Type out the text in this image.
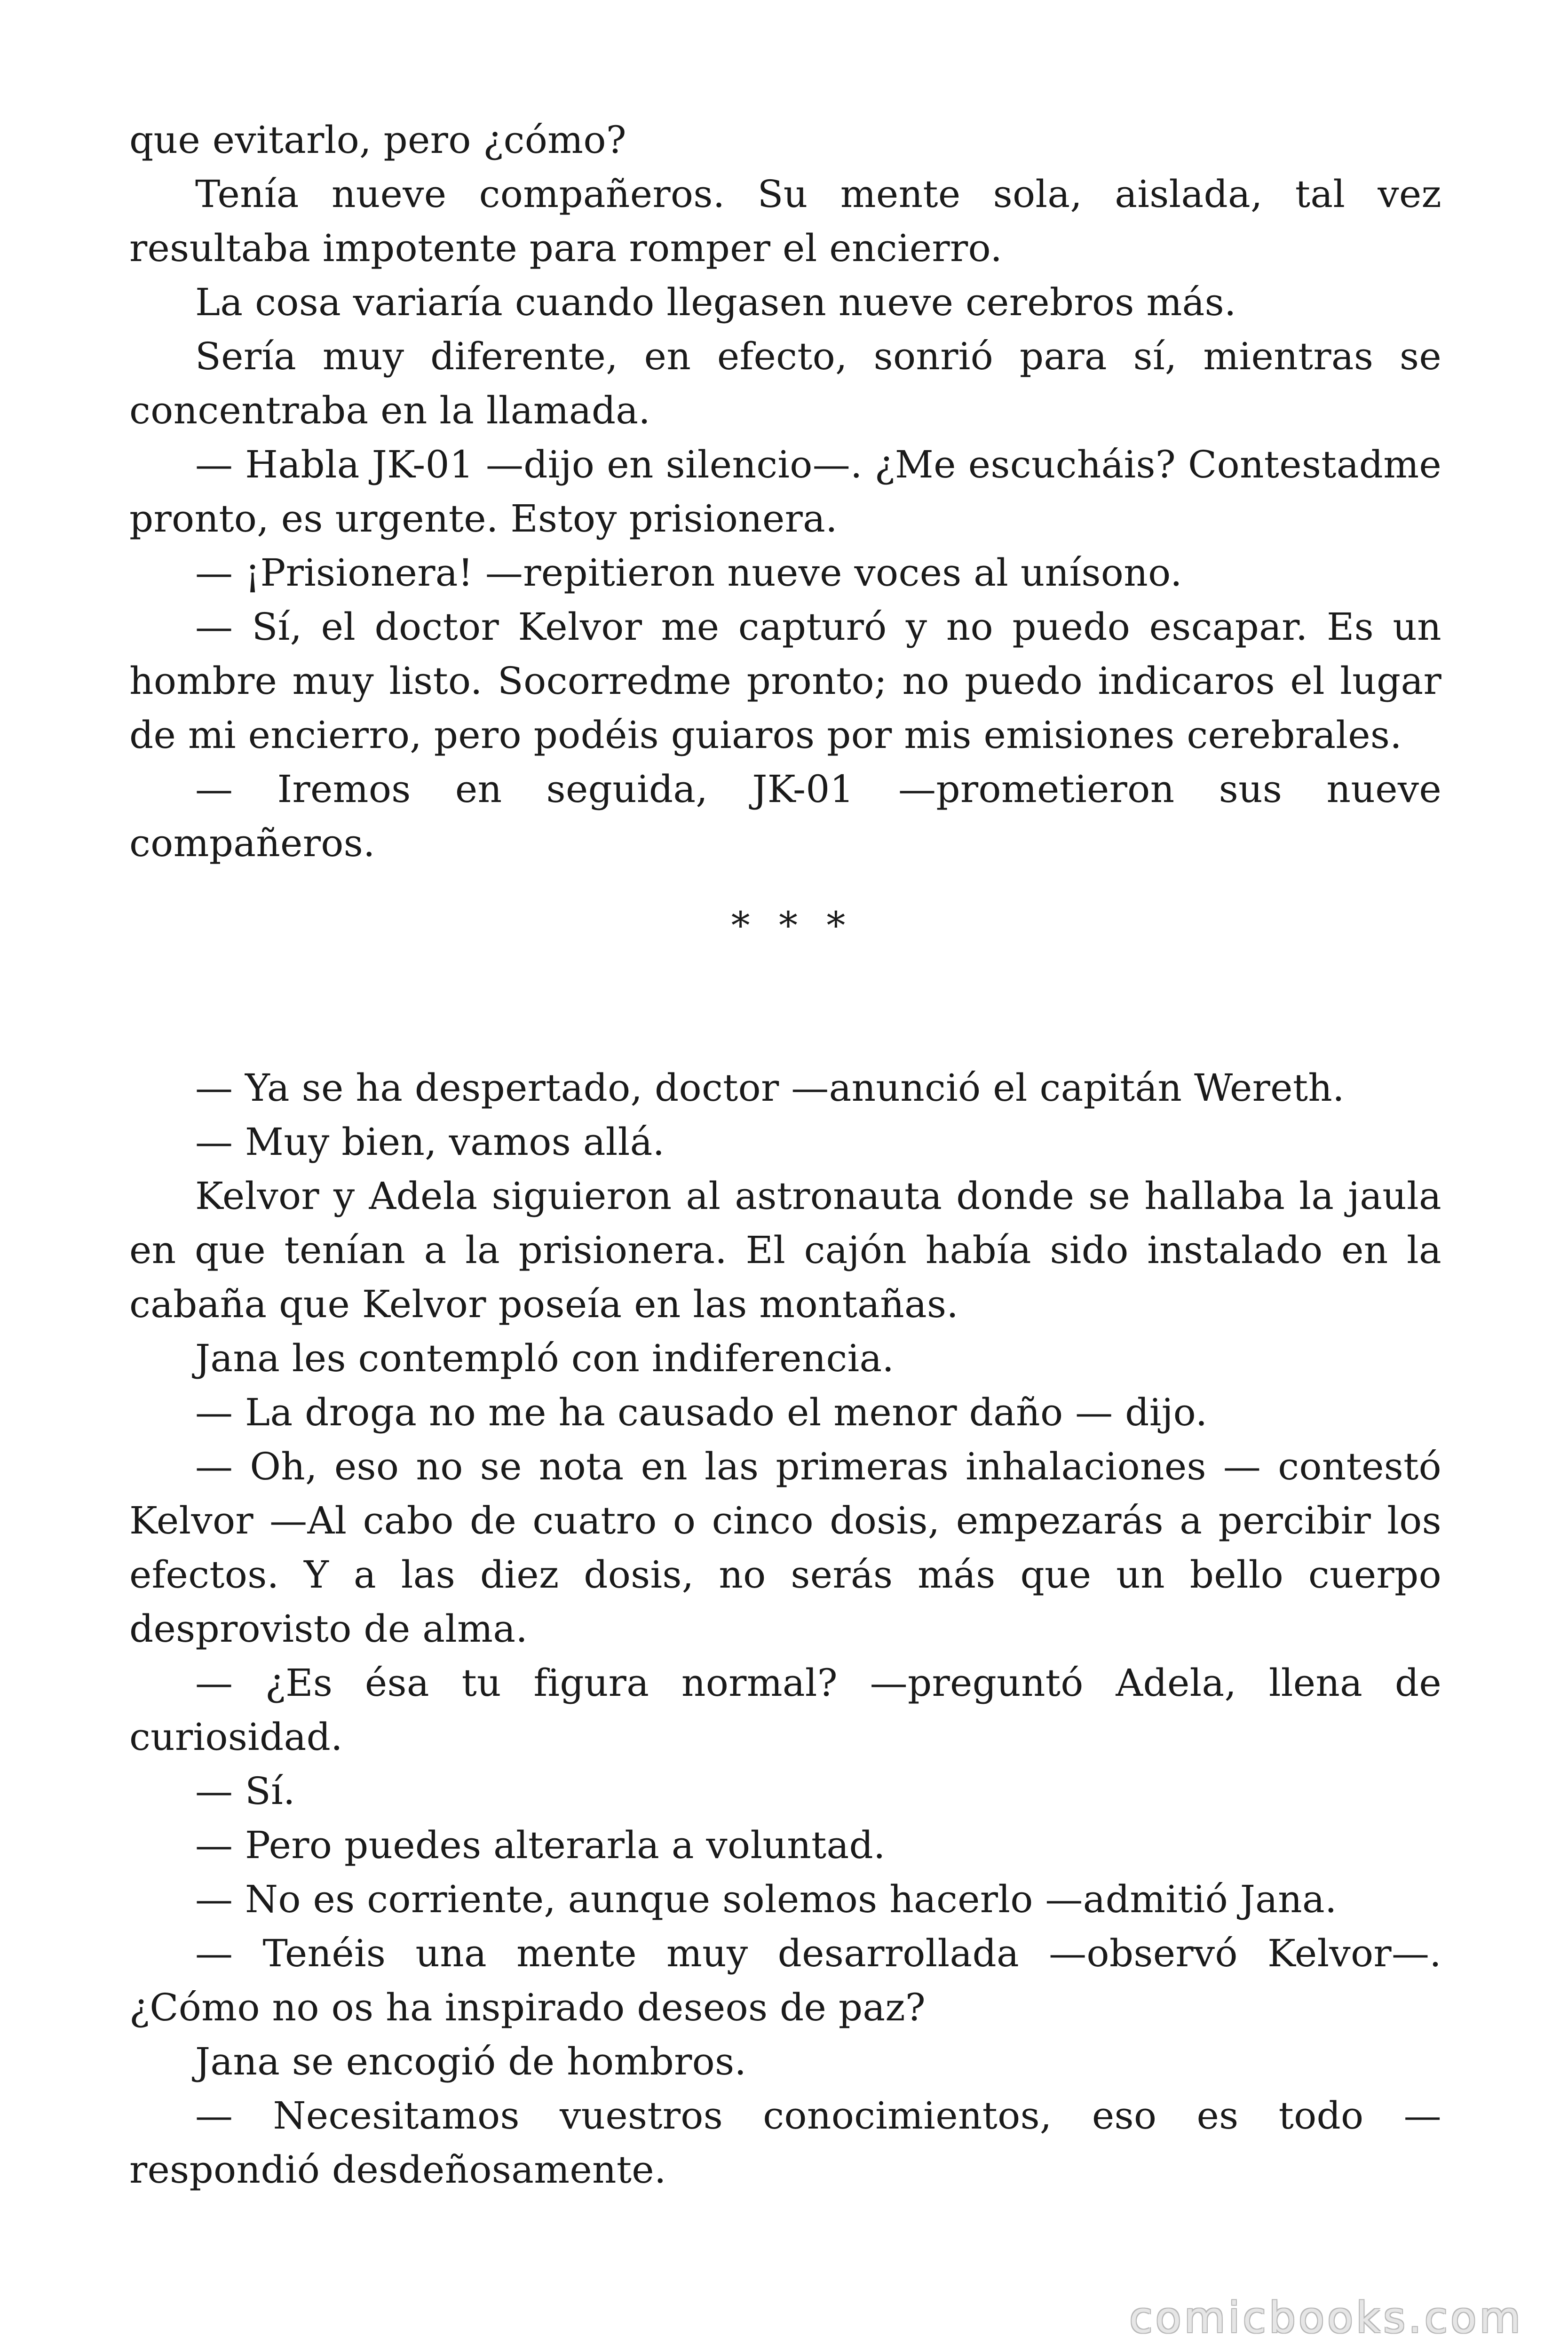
que evitarlo, pero ¿cómo?

Tenía nueve compañeros. Su mente sola, aislada, tal vez resultaba impotente para romper el encierro.

La cosa variaría cuando llegasen nueve cerebros más.

Sería muy diferente, en efecto, sonrió para sí, mientras se concentraba en la llamada.

— Habla JK-01 —dijo en silencio—. ¿Me escucháis? Contestadme pronto, es urgente. Estoy prisionera.

— ¡Prisionera! —repitieron nueve voces al unísono.

— Sí, el doctor Kelvor me capturó y no puedo escapar. Es un hombre muy listo. Socorredme pronto; no puedo indicaros el lugar de mi encierro, pero podéis guiaros por mis emisiones cerebrales.

— Iremos en seguida, JK-01 —prometieron sus nueve compañeros.

* * *

— Ya se ha despertado, doctor —anunció el capitán Wereth.

— Muy bien, vamos allá.

Kelvor y Adela siguieron al astronauta donde se hallaba la jaula en que tenían a la prisionera. El cajón había sido instalado en la cabaña que Kelvor poseía en las montañas.

Jana les contempló con indiferencia.

— La droga no me ha causado el menor daño — dijo.

— Oh, eso no se nota en las primeras inhalaciones — contestó Kelvor —Al cabo de cuatro o cinco dosis, empezarás a percibir los efectos. Y a las diez dosis, no serás más que un bello cuerpo desprovisto de alma.

— ¿Es ésa tu figura normal? —preguntó Adela, llena de curiosidad.

— Sí.

— Pero puedes alterarla a voluntad.

— No es corriente, aunque solemos hacerlo —admitió Jana.

— Tenéis una mente muy desarrollada —observó Kelvor—. ¿Cómo no os ha inspirado deseos de paz?

Jana se encogió de hombros.

— Necesitamos vuestros conocimientos, eso es todo — respondió desdeñosamente.

comicbooks.com
